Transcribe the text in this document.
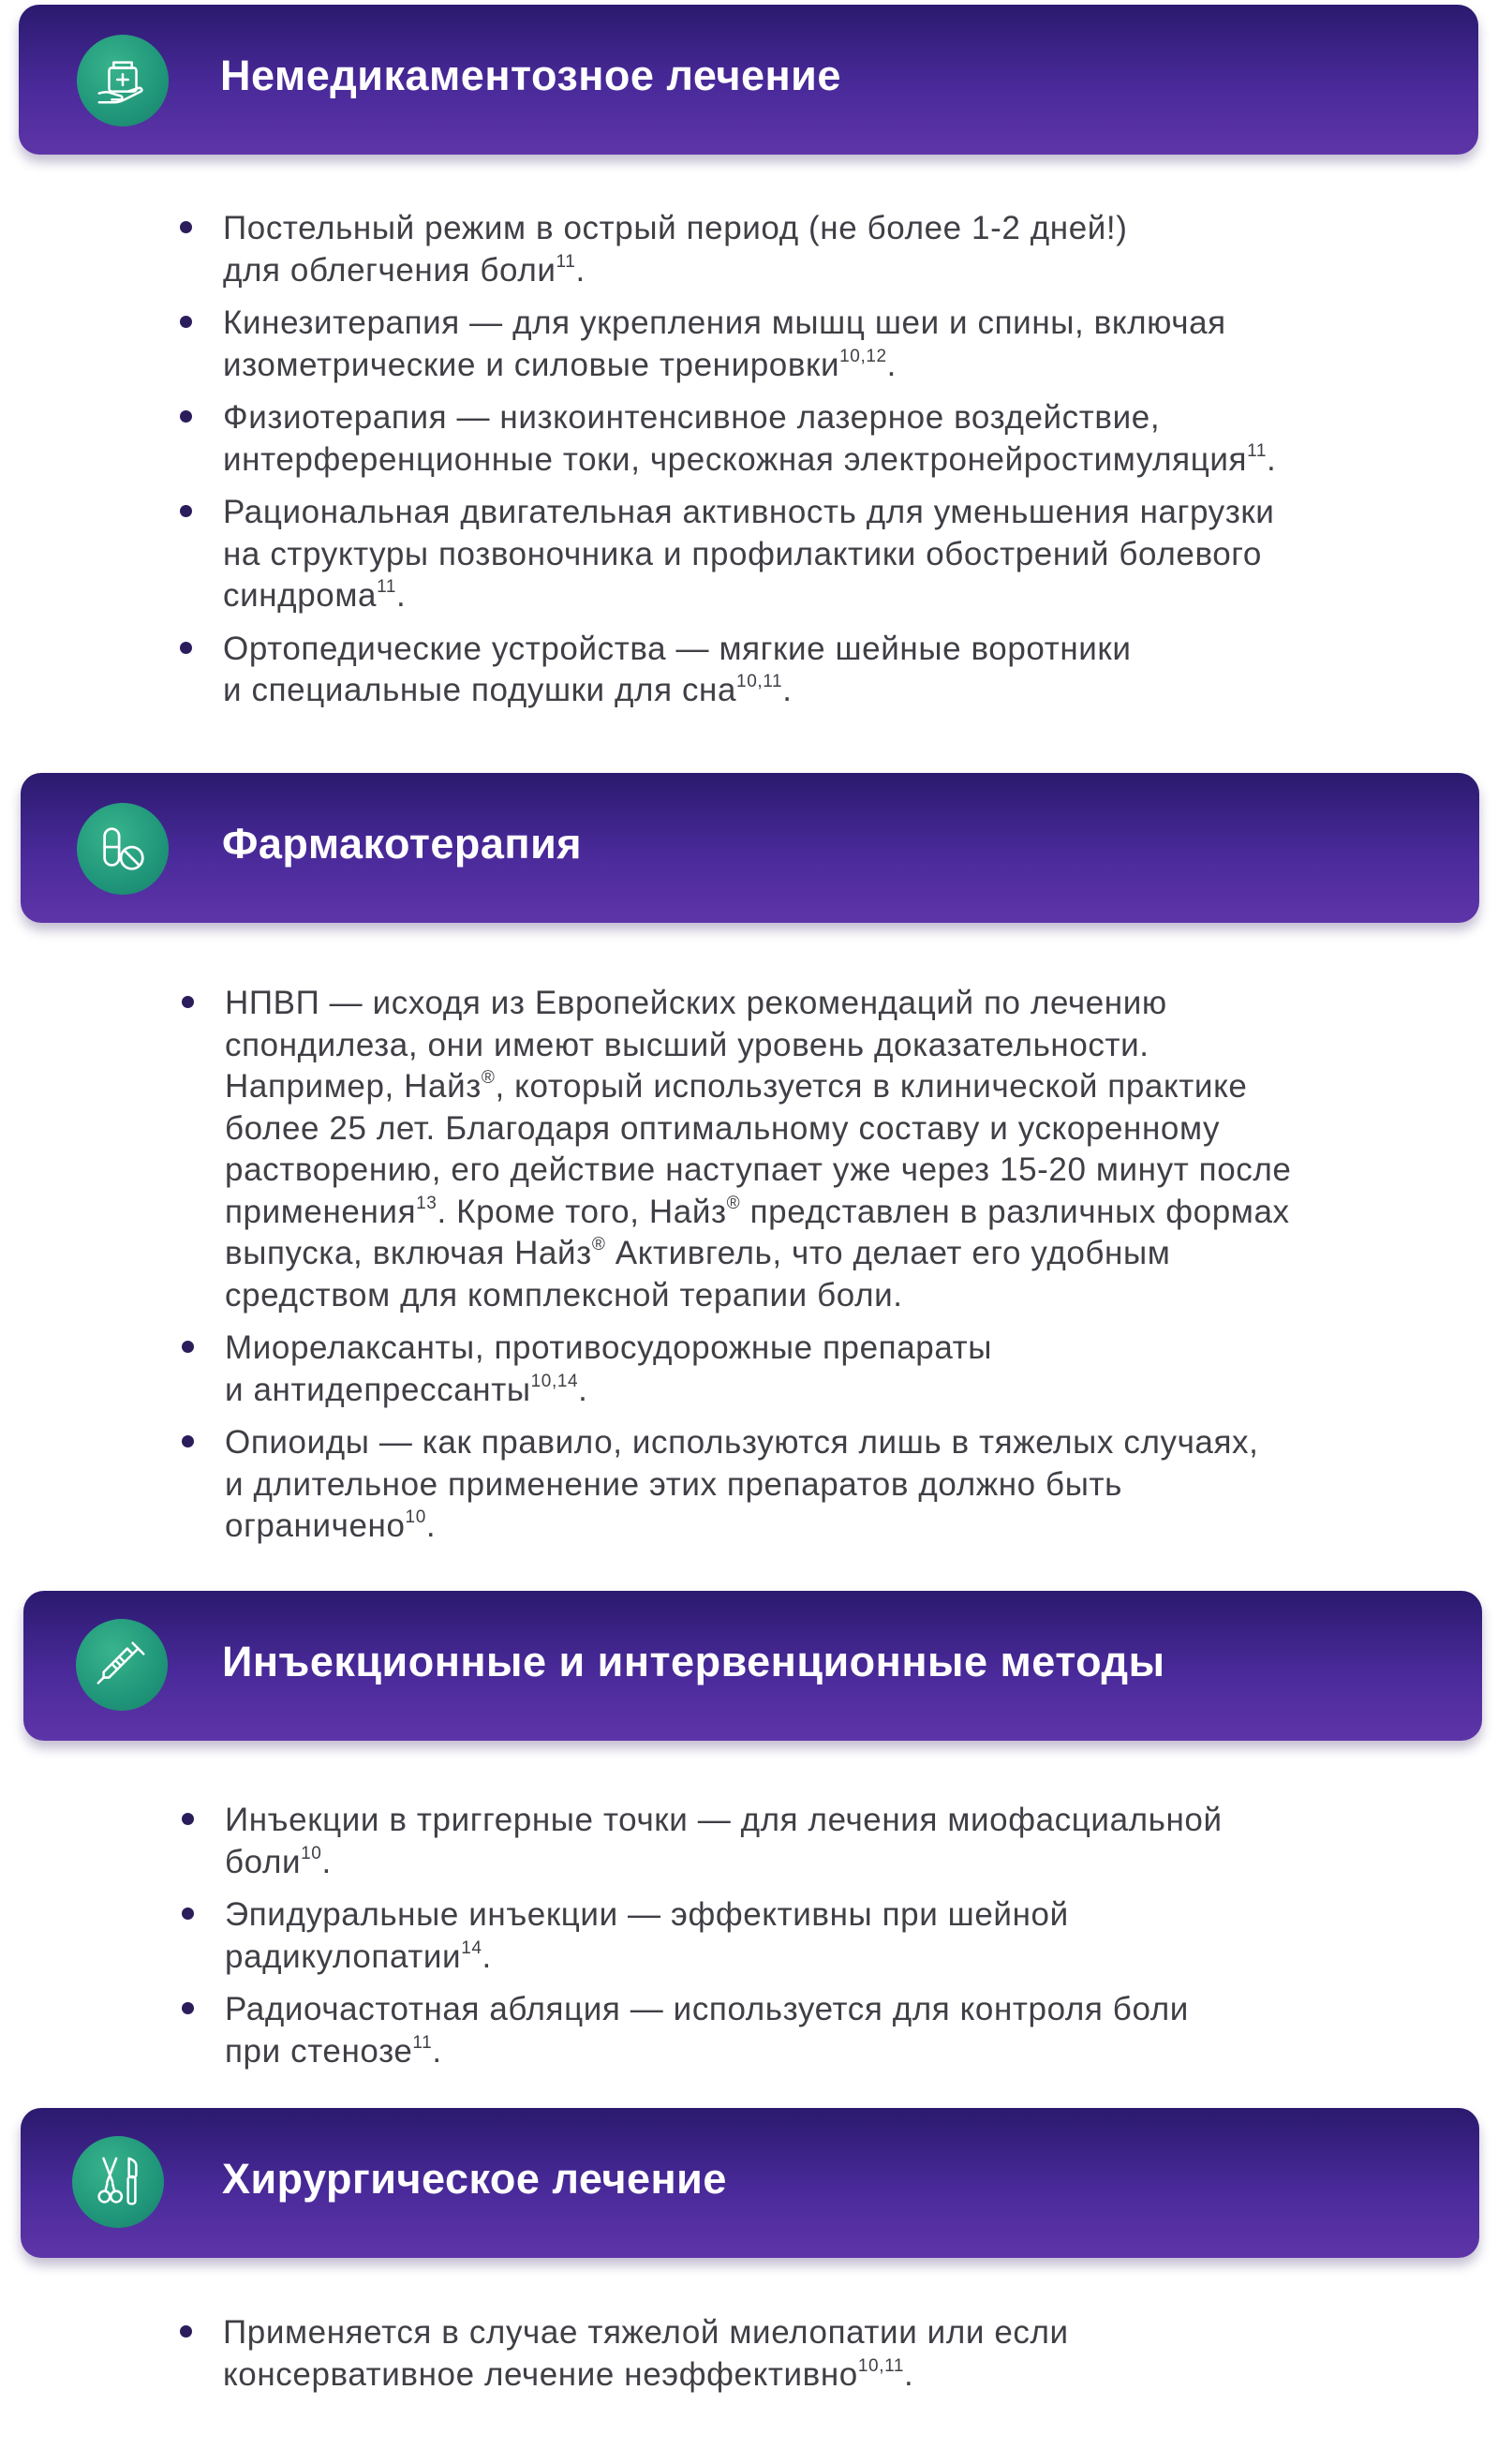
Немедикаментозное лечение
Постельный режим в острый период (не более 1-2 дней!)
для облегчения боли$^{11}$.
Кинезитерапия — для укрепления мышц шеи и спины, включая
изометрические и силовые тренировки$^{10,12}$.
Физиотерапия — низкоинтенсивное лазерное воздействие,
интерференционные токи, чрескожная электронейростимуляция$^{11}$.
Рациональная двигательная активность для уменьшения нагрузки
на структуры позвоночника и профилактики обострений болевого
синдрома$^{11}$.
Ортопедические устройства — мягкие шейные воротники
и специальные подушки для сна$^{10,11}$.
Фармакотерапия
НПВП — исходя из Европейских рекомендаций по лечению
спондилеза, они имеют высший уровень доказательности.
Например, Найз®, который используется в клинической практике
более 25 лет. Благодаря оптимальному составу и ускоренному
растворению, его действие наступает уже через 15-20 минут после
применения$^{13}$. Кроме того, Найз® представлен в различных формах
выпуска, включая Найз® Активгель, что делает его удобным
средством для комплексной терапии боли.
Миорелаксанты, противосудорожные препараты
и антидепрессанты$^{10,14}$.
Опиоиды — как правило, используются лишь в тяжелых случаях,
и длительное применение этих препаратов должно быть
ограничено$^{10}$.
Инъекционные и интервенционные методы
Инъекции в триггерные точки — для лечения миофасциальной
боли$^{10}$.
Эпидуральные инъекции — эффективны при шейной
радикулопатии$^{14}$.
Радиочастотная абляция — используется для контроля боли
при стенозе$^{11}$.
Хирургическое лечение
Применяется в случае тяжелой миелопатии или если
консервативное лечение неэффективно$^{10,11}$.
